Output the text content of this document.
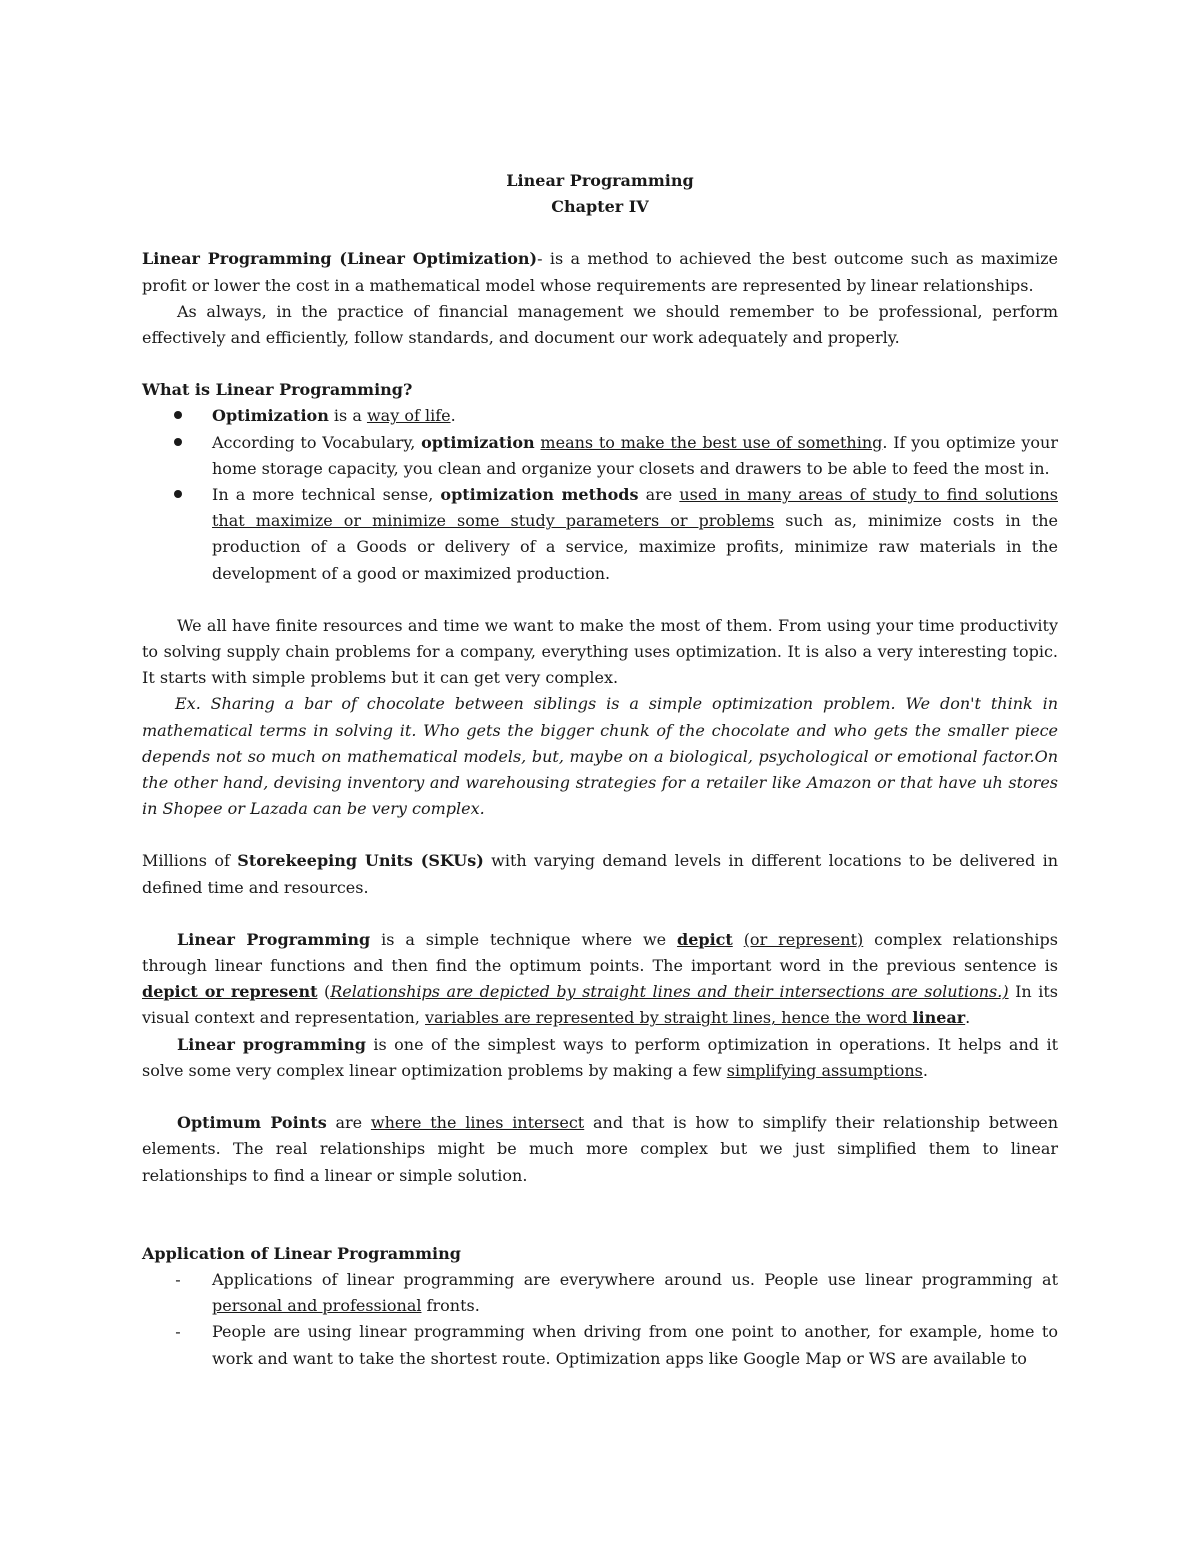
Linear Programming

Chapter IV

Linear Programming (Linear Optimization)- is a method to achieved the best outcome such as maximize profit or lower the cost in a mathematical model whose requirements are represented by linear relationships.

As always, in the practice of financial management we should remember to be professional, perform effectively and efficiently, follow standards, and document our work adequately and properly.

What is Linear Programming?

Optimization is a way of life.
According to Vocabulary, optimization means to make the best use of something. If you optimize your home storage capacity, you clean and organize your closets and drawers to be able to feed the most in.
In a more technical sense, optimization methods are used in many areas of study to find solutions that maximize or minimize some study parameters or problems such as, minimize costs in the production of a Goods or delivery of a service, maximize profits, minimize raw materials in the development of a good or maximized production.

We all have finite resources and time we want to make the most of them. From using your time productivity to solving supply chain problems for a company, everything uses optimization. It is also a very interesting topic. It starts with simple problems but it can get very complex.

Ex. Sharing a bar of chocolate between siblings is a simple optimization problem. We don't think in mathematical terms in solving it. Who gets the bigger chunk of the chocolate and who gets the smaller piece depends not so much on mathematical models, but, maybe on a biological, psychological or emotional factor.On the other hand, devising inventory and warehousing strategies for a retailer like Amazon or that have uh stores in Shopee or Lazada can be very complex.

Millions of Storekeeping Units (SKUs) with varying demand levels in different locations to be delivered in defined time and resources.

Linear Programming is a simple technique where we depict (or represent) complex relationships through linear functions and then find the optimum points. The important word in the previous sentence is depict or represent (Relationships are depicted by straight lines and their intersections are solutions.) In its visual context and representation, variables are represented by straight lines, hence the word linear.

Linear programming is one of the simplest ways to perform optimization in operations. It helps and it solve some very complex linear optimization problems by making a few simplifying assumptions.

Optimum Points are where the lines intersect and that is how to simplify their relationship between elements. The real relationships might be much more complex but we just simplified them to linear relationships to find a linear or simple solution.

Application of Linear Programming

- Applications of linear programming are everywhere around us. People use linear programming at personal and professional fronts.
- People are using linear programming when driving from one point to another, for example, home to work and want to take the shortest route. Optimization apps like Google Map or WS are available to
